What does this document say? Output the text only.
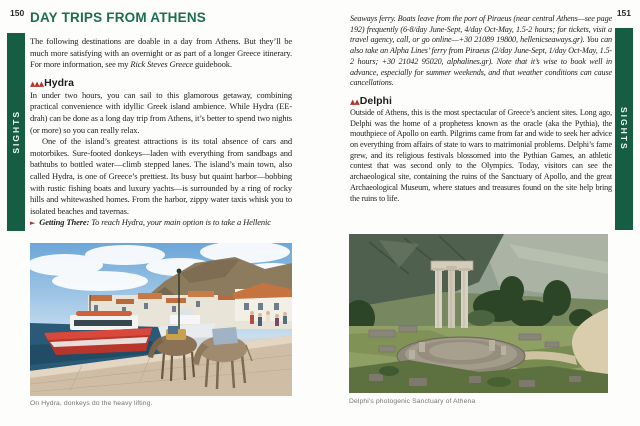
150	151
SIGHTS	SIGHTS
DAY TRIPS FROM ATHENS

The following destinations are doable in a day from Athens. But they’ll be much more satisfying with an overnight or as part of a longer Greece itinerary. For more information, see my Rick Steves Greece guidebook.

▲▲▲ Hydra

In under two hours, you can sail to this glamorous getaway, combining practical convenience with idyllic Greek island ambience. While Hydra (EE-drah) can be done as a long day trip from Athens, it’s better to spend two nights (or more) so you can really relax.

One of the island’s greatest attractions is its total absence of cars and motorbikes. Sure-footed donkeys—laden with everything from sandbags and bathtubs to bottled water—climb stepped lanes. The island’s main town, also called Hydra, is one of Greece’s prettiest. Its busy but quaint harbor—bobbing with rustic fishing boats and luxury yachts—is surrounded by a ring of rocky hills and whitewashed homes. From the harbor, zippy water taxis whisk you to isolated beaches and tavernas.

► Getting There: To reach Hydra, your main option is to take a Hellenic

On Hydra, donkeys do the heavy lifting.

Seaways ferry. Boats leave from the port of Piraeus (near central Athens—see page 192) frequently (6-8/day June-Sept, 4/day Oct-May, 1.5-2 hours; for tickets, visit a travel agency, call, or go online—+30 21089 19800, hellenicseaways.gr). You can also take an Alpha Lines’ ferry from Piraeus (2/day June-Sept, 1/day Oct-May, 1.5-2 hours; +30 21042 95020, alphalines.gr). Note that it’s wise to book well in advance, especially for summer weekends, and that weather conditions can cause cancellations.

▲▲ Delphi

Outside of Athens, this is the most spectacular of Greece’s ancient sites. Long ago, Delphi was the home of a prophetess known as the oracle (aka the Pythia), the mouthpiece of Apollo on earth. Pilgrims came from far and wide to seek her advice on everything from affairs of state to wars to matrimonial problems. Delphi’s fame grew, and its religious festivals blossomed into the Pythian Games, an athletic contest that was second only to the Olympics. Today, visitors can see the archaeological site, containing the ruins of the Sanctuary of Apollo, and the great Archaeological Museum, where statues and treasures found on the site help bring the ruins to life.

Delphi’s photogenic Sanctuary of Athena
